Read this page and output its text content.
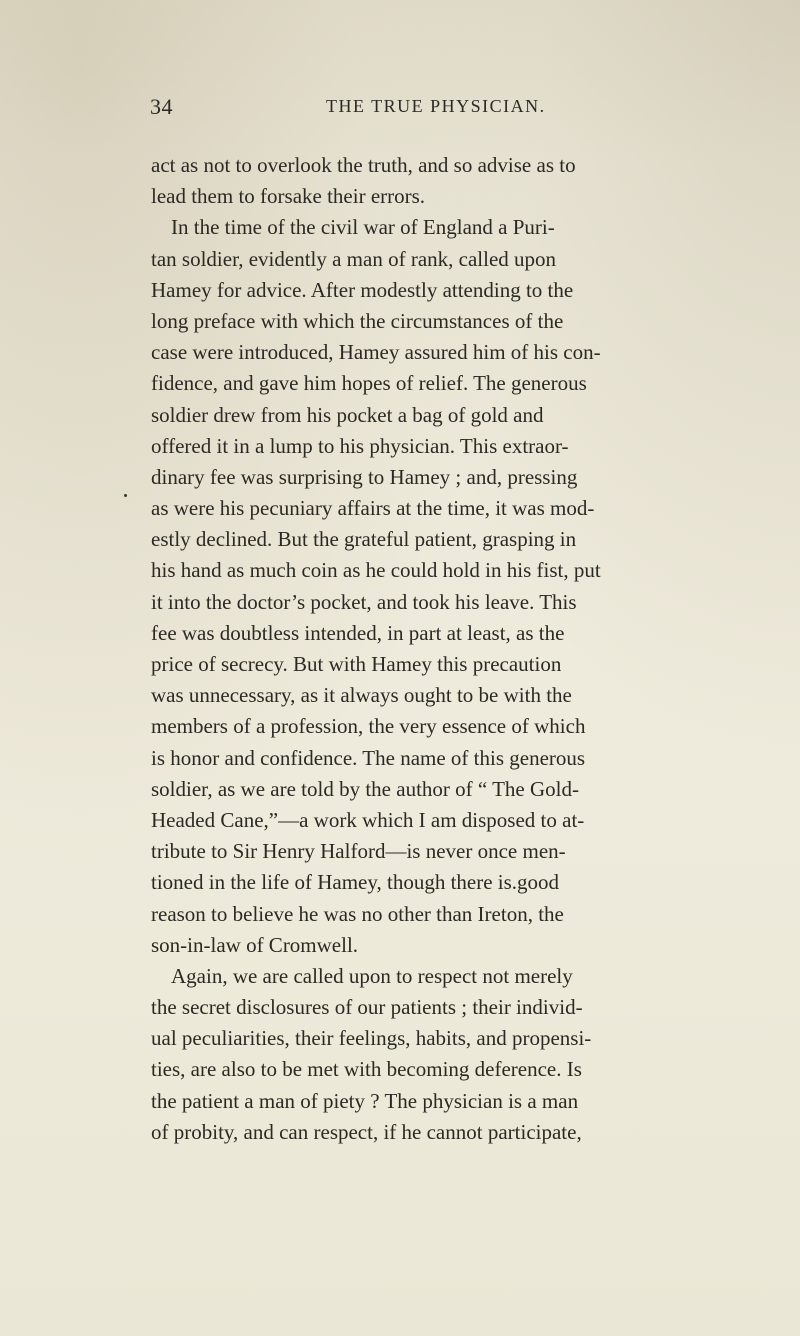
34	THE TRUE PHYSICIAN.
act as not to overlook the truth, and so advise as to
lead them to forsake their errors.
In the time of the civil war of England a Puri-
tan soldier, evidently a man of rank, called upon
Hamey for advice. After modestly attending to the
long preface with which the circumstances of the
case were introduced, Hamey assured him of his con-
fidence, and gave him hopes of relief. The generous
soldier drew from his pocket a bag of gold and
offered it in a lump to his physician. This extraor-
dinary fee was surprising to Hamey ; and, pressing
as were his pecuniary affairs at the time, it was mod-
estly declined. But the grateful patient, grasping in
his hand as much coin as he could hold in his fist, put
it into the doctor’s pocket, and took his leave. This
fee was doubtless intended, in part at least, as the
price of secrecy. But with Hamey this precaution
was unnecessary, as it always ought to be with the
members of a profession, the very essence of which
is honor and confidence. The name of this generous
soldier, as we are told by the author of “ The Gold-
Headed Cane,”—a work which I am disposed to at-
tribute to Sir Henry Halford—is never once men-
tioned in the life of Hamey, though there is.good
reason to believe he was no other than Ireton, the
son-in-law of Cromwell.
Again, we are called upon to respect not merely
the secret disclosures of our patients ; their individ-
ual peculiarities, their feelings, habits, and propensi-
ties, are also to be met with becoming deference. Is
the patient a man of piety ? The physician is a man
of probity, and can respect, if he cannot participate,
